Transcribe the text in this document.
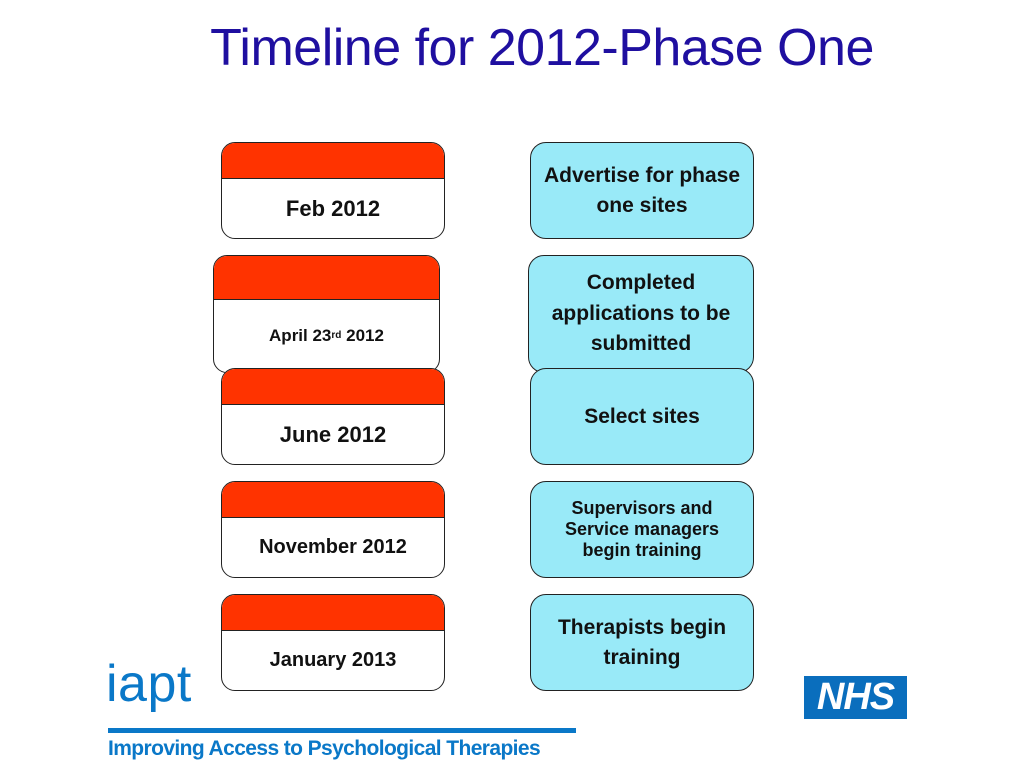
Timeline for 2012-Phase One
Feb 2012
April 23 rd
2012
June 2012
November 2012
January 2013
Advertise for phase one sites
Completed applications to be submitted
Select sites
Supervisors and Service managers   begin training
Therapists begin training
iapt
Improving Access to Psychological Therapies
NHS
